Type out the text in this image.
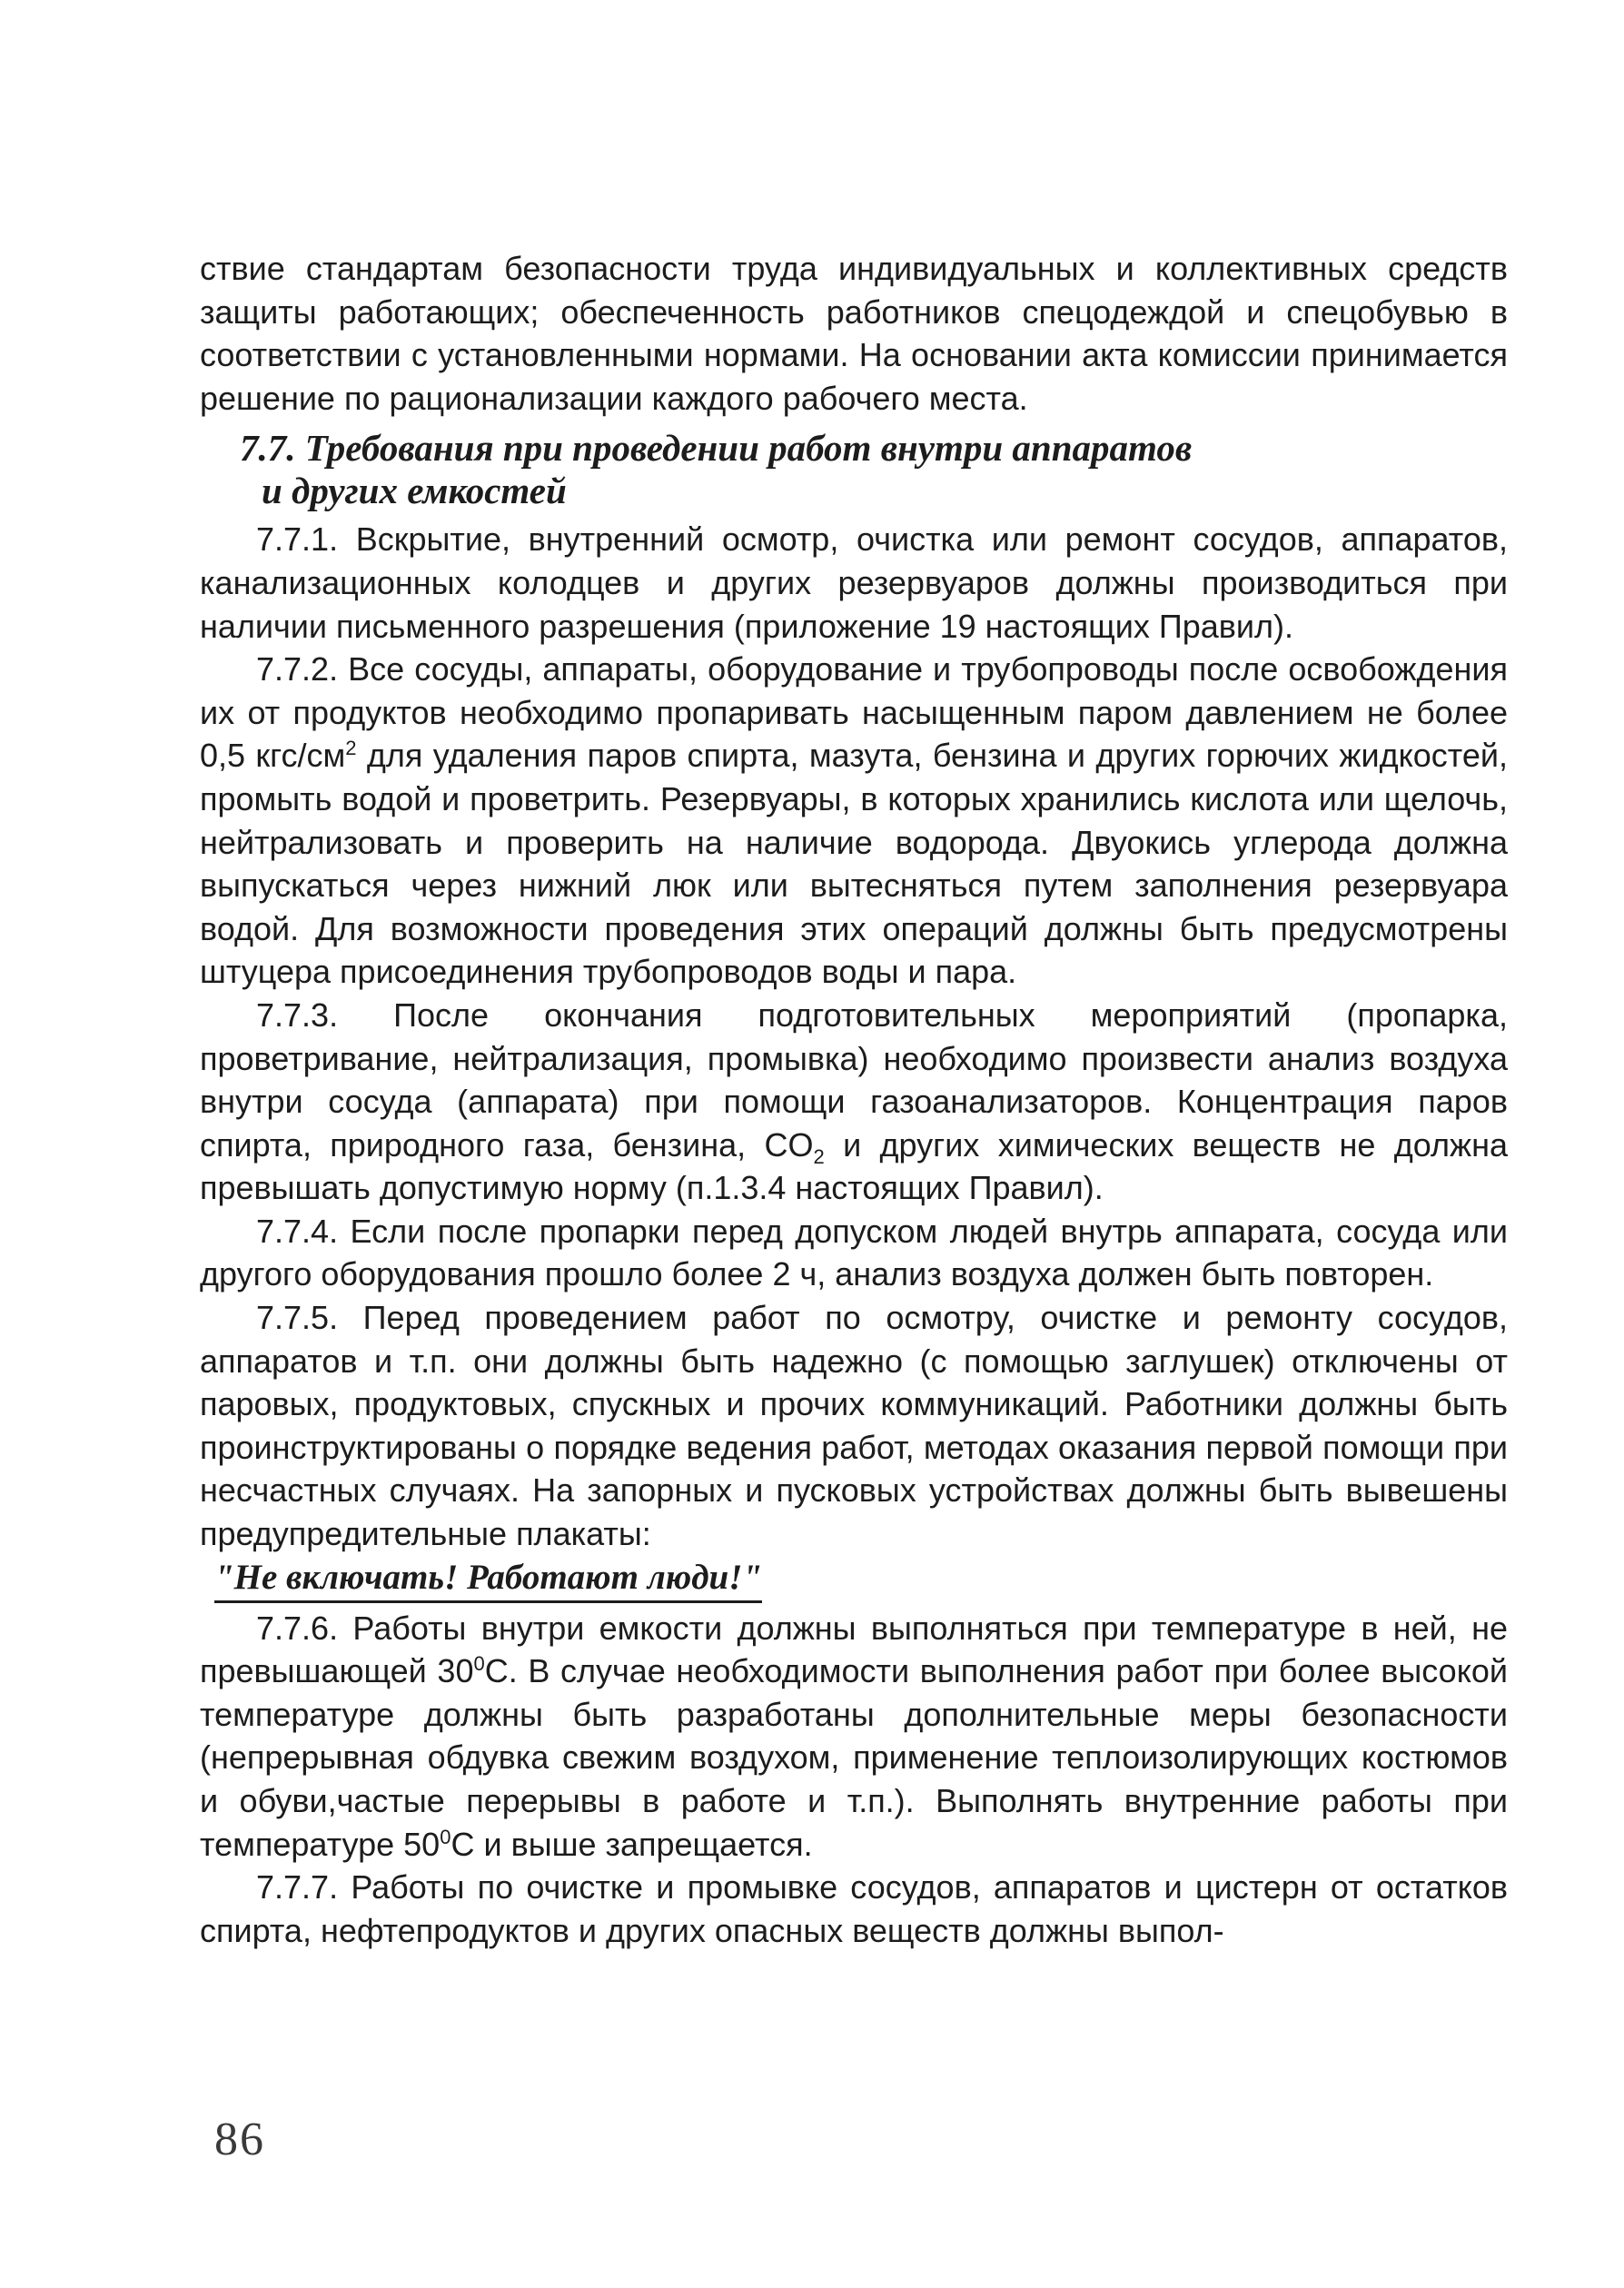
ствие стандартам безопасности труда индивидуальных и коллективных средств защиты работающих; обеспеченность работников спецодеждой и спецобувью в соответствии с установленными нормами. На основании акта комиссии принимается решение по рационализации каждого рабочего места.

7.7. Требования при проведении работ внутри аппаратов
и других емкостей

7.7.1. Вскрытие, внутренний осмотр, очистка или ремонт сосудов, аппаратов, канализационных колодцев и других резервуаров должны производиться при наличии письменного разрешения (приложение 19 настоящих Правил).

7.7.2. Все сосуды, аппараты, оборудование и трубопроводы после освобождения их от продуктов необходимо пропаривать насыщенным паром давлением не более 0,5 кгс/$см^2$ для удаления паров спирта, мазута, бензина и других горючих жидкостей, промыть водой и проветрить. Резервуары, в которых хранились кислота или щелочь, нейтрализовать и проверить на наличие водорода. Двуокись углерода должна выпускаться через нижний люк или вытесняться путем заполнения резервуара водой. Для возможности проведения этих операций должны быть предусмотрены штуцера присоединения трубопроводов воды и пара.

7.7.3. После окончания подготовительных мероприятий (пропарка, проветривание, нейтрализация, промывка) необходимо произвести анализ воздуха внутри сосуда (аппарата) при помощи газоанализаторов. Концентрация паров спирта, природного газа, бензина, $CO_2$ и других химических веществ не должна превышать допустимую норму (п.1.3.4 настоящих Правил).

7.7.4. Если после пропарки перед допуском людей внутрь аппарата, сосуда или другого оборудования прошло более 2 ч, анализ воздуха должен быть повторен.

7.7.5. Перед проведением работ по осмотру, очистке и ремонту сосудов, аппаратов и т.п. они должны быть надежно (с помощью заглушек) отключены от паровых, продуктовых, спускных и прочих коммуникаций. Работники должны быть проинструктированы о порядке ведения работ, методах оказания первой помощи при несчастных случаях. На запорных и пусковых устройствах должны быть вывешены предупредительные плакаты:

"Не включать! Работают люди!"

7.7.6. Работы внутри емкости должны выполняться при температуре в ней, не превышающей $30^0С$. В случае необходимости выполнения работ при более высокой температуре должны быть разработаны дополнительные меры безопасности (непрерывная обдувка свежим воздухом, применение теплоизолирующих костюмов и обуви,частые перерывы в работе и т.п.). Выполнять внутренние работы при температуре $50^0С$ и выше запрещается.

7.7.7. Работы по очистке и промывке сосудов, аппаратов и цистерн от остатков спирта, нефтепродуктов и других опасных веществ должны выпол-

86
